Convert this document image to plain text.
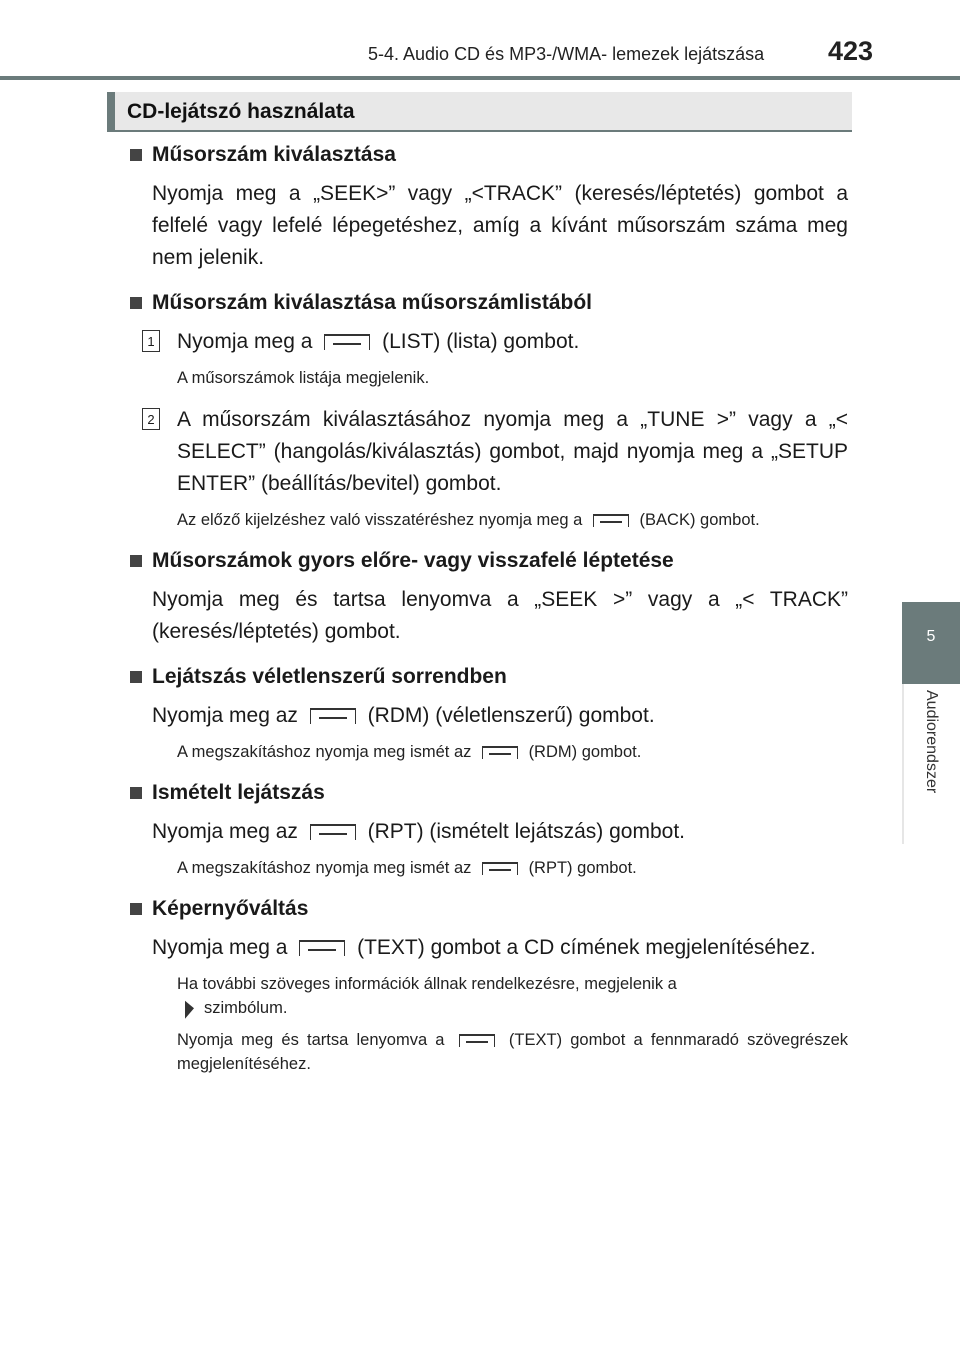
5-4. Audio CD és MP3-/WMA- lemezek lejátszása 423
5
Audiorendszer
CD-lejátszó használata
Műsorszám kiválasztása

Nyomja meg a „SEEK>” vagy „<TRACK” (keresés/léptetés) gombot a felfelé vagy lefelé lépegetéshez, amíg a kívánt műsorszám száma meg nem jelenik.

Műsorszám kiválasztása műsorszámlistából

1 Nyomja meg a	(LIST) (lista) gombot.

A műsorszámok listája megjelenik.

2 A műsorszám kiválasztásához nyomja meg a „TUNE >” vagy a „< SELECT” (hangolás/kiválasztás) gombot, majd nyomja meg a „SETUP ENTER” (beállítás/bevitel) gombot.

Az előző kijelzéshez való visszatéréshez nyomja meg a	(BACK) gombot.

Műsorszámok gyors előre- vagy visszafelé léptetése

Nyomja meg és tartsa lenyomva a „SEEK >” vagy a „< TRACK” (keresés/léptetés) gombot.

Lejátszás véletlenszerű sorrendben

Nyomja meg az	(RDM) (véletlenszerű) gombot.

A megszakításhoz nyomja meg ismét az	(RDM) gombot.

Ismételt lejátszás

Nyomja meg az	(RPT) (ismételt lejátszás) gombot.

A megszakításhoz nyomja meg ismét az	(RPT) gombot.

Képernyőváltás

Nyomja meg a	(TEXT) gombot a CD címének megjelenítéséhez.

Ha további szöveges információk állnak rendelkezésre, megjelenik a
szimbólum.

Nyomja meg és tartsa lenyomva a	(TEXT) gombot a fennmaradó szövegrészek megjelenítéséhez.
